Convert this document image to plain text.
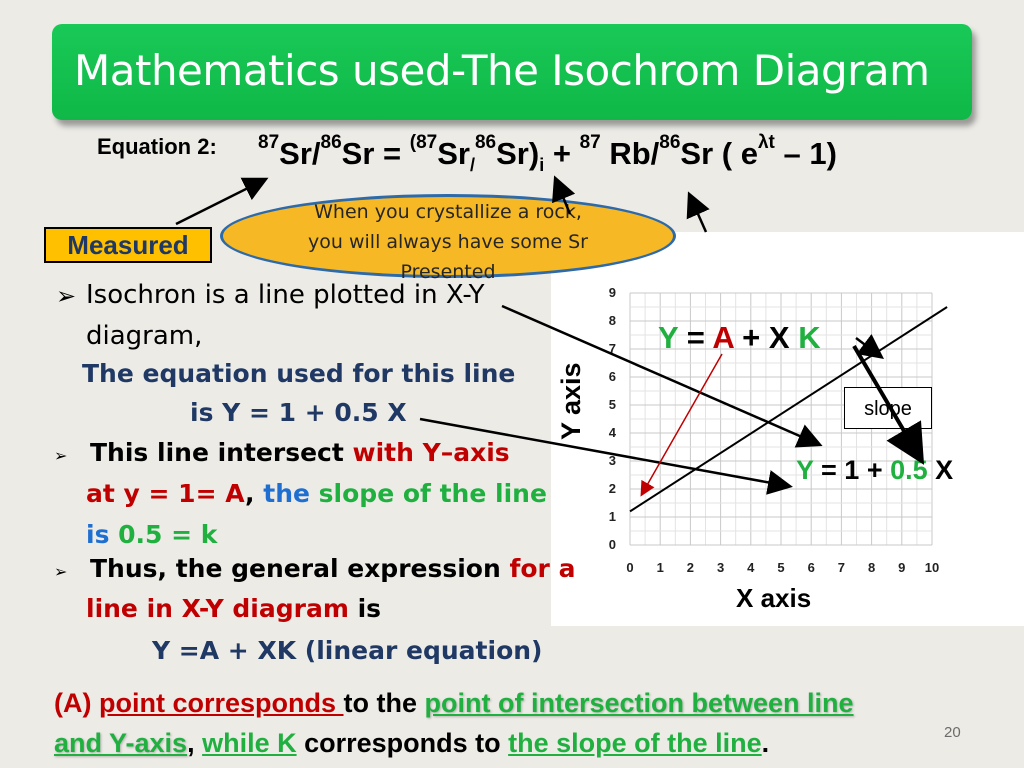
Mathematics used-The Isochrom Diagram
Equation 2: $^{87}Sr/^{86}Sr = ^{(87}Sr_/^{86}Sr)_i + ^{87}$ Rb/$^{86}$Sr ( $e^{\lambda t} - 1$)
Measured
0 1 2 3 4 5 6 7 8 9 10
0
1
2
3
4
5
6
7
8
9
When you crystallize a rock,
you will always have some Sr
Presented
➢ Isochron is a line plotted in X-Y
diagram,
The equation used for this line
is Y = 1 + 0.5 X
➢ This line intersect with Y–axis
at y = 1= A, the slope of the line
is 0.5 = k
➢ Thus, the general expression for a
line in X-Y diagram is
Y =A + XK (linear equation)
Y axis
X axis
Y = A + X K
slope
Y = 1 + 0.5 X
(A) point corresponds to the point of intersection between line
and Y-axis, while K corresponds to the slope of the line.	20
